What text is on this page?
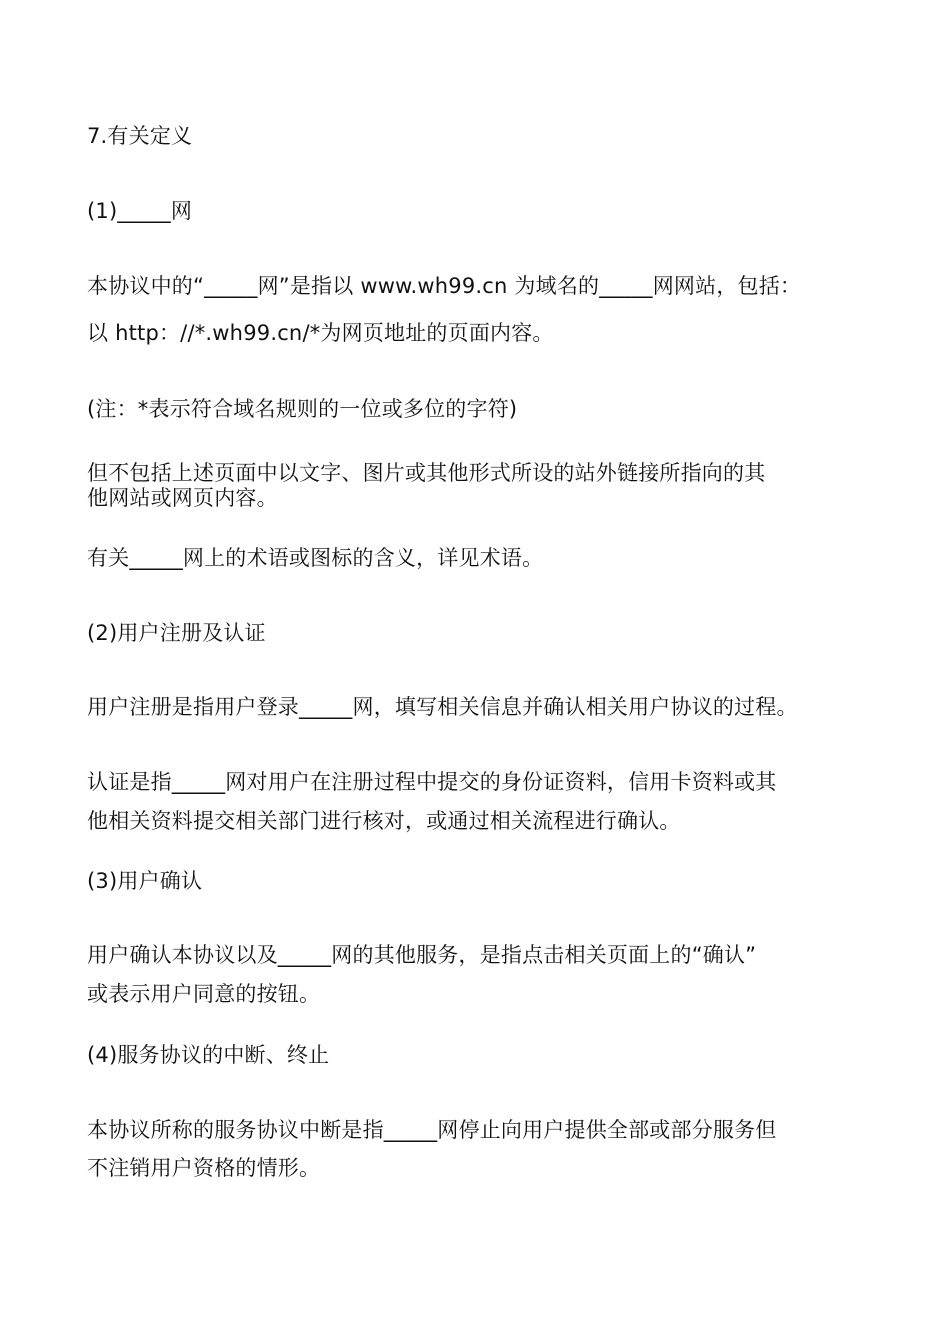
7.有关定义
(1)_____网
本协议中的“_____网”是指以 www.wh99.cn 为域名的_____网网站，包括：
以 http：//*.wh99.cn/*为网页地址的页面内容。
(注：*表示符合域名规则的一位或多位的字符)
但不包括上述页面中以文字、图片或其他形式所设的站外链接所指向的其
他网站或网页内容。
有关_____网上的术语或图标的含义，详见术语。
(2)用户注册及认证
用户注册是指用户登录_____网，填写相关信息并确认相关用户协议的过程。
认证是指_____网对用户在注册过程中提交的身份证资料，信用卡资料或其
他相关资料提交相关部门进行核对，或通过相关流程进行确认。
(3)用户确认
用户确认本协议以及_____网的其他服务，是指点击相关页面上的“确认”
或表示用户同意的按钮。
(4)服务协议的中断、终止
本协议所称的服务协议中断是指_____网停止向用户提供全部或部分服务但
不注销用户资格的情形。
